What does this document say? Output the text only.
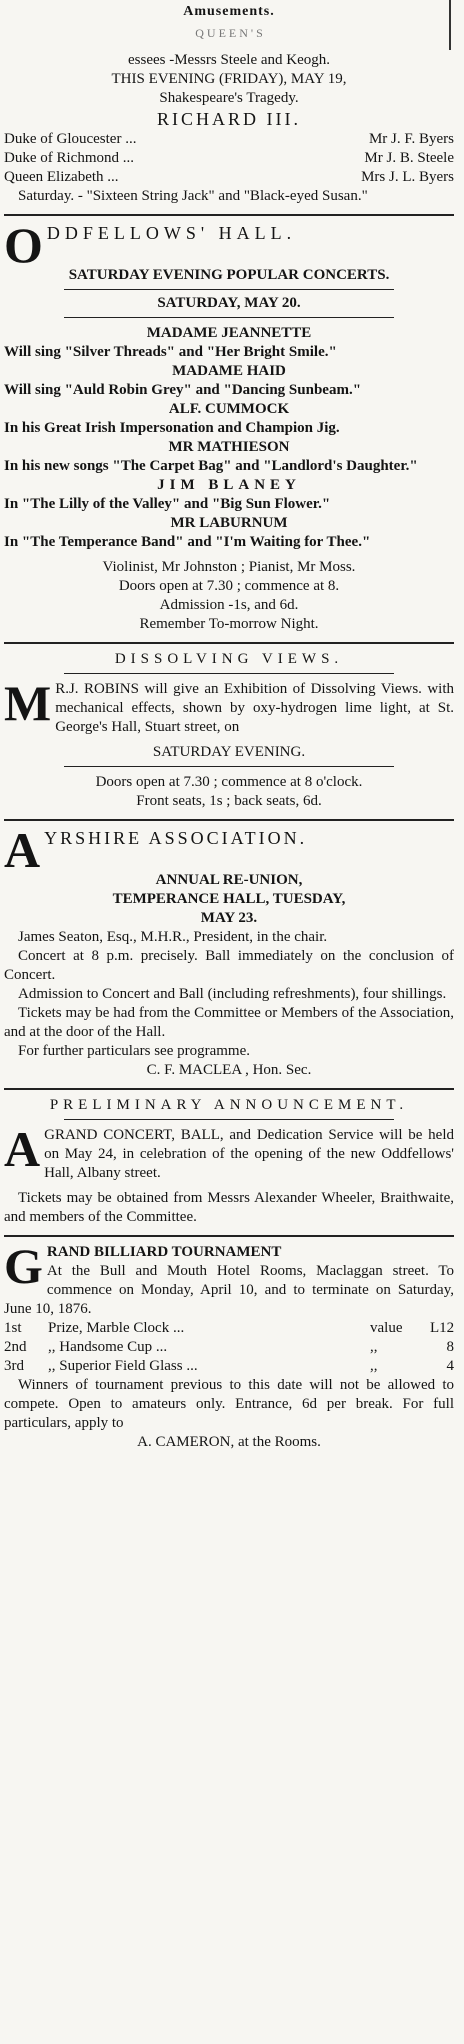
Amusements.
Q U E E N ' S

essees -Messrs Steele and Keogh.

THIS EVENING (FRIDAY), MAY 19,

Shakespeare's Tragedy.

RICHARD III.

Duke of Gloucester ...	Mr J. F. Byers
Duke of Richmond ...	Mr J. B. Steele
Queen Elizabeth ...	Mrs J. L. Byers

Saturday. - "Sixteen String Jack" and "Black-eyed Susan."

O DDFELLOWS' HALL.

SATURDAY EVENING POPULAR CONCERTS.

SATURDAY, MAY 20.

MADAME JEANNETTE

Will sing "Silver Threads" and "Her Bright Smile."

MADAME HAID

Will sing "Auld Robin Grey" and "Dancing Sunbeam."

ALF. CUMMOCK

In his Great Irish Impersonation and Champion Jig.

MR MATHIESON

In his new songs "The Carpet Bag" and "Landlord's Daughter."

JIM BLANEY

In "The Lilly of the Valley" and "Big Sun Flower."

MR LABURNUM

In "The Temperance Band" and "I'm Waiting for Thee."

Violinist, Mr Johnston ; Pianist, Mr Moss.

Doors open at 7.30 ; commence at 8.

Admission -1s, and 6d.

Remember To-morrow Night.

DISSOLVING VIEWS.

M R.J. ROBINS will give an Exhibition of Dissolving Views. with mechanical effects, shown by oxy-hydrogen lime light, at St. George's Hall, Stuart street, on

SATURDAY EVENING.

Doors open at 7.30 ; commence at 8 o'clock.

Front seats, 1s ; back seats, 6d.

A YRSHIRE ASSOCIATION.

ANNUAL RE-UNION,

TEMPERANCE HALL, TUESDAY,

MAY 23.

James Seaton, Esq., M.H.R., President, in the chair.

Concert at 8 p.m. precisely. Ball immediately on the conclusion of Concert.

Admission to Concert and Ball (including refreshments), four shillings.

Tickets may be had from the Committee or Members of the Association, and at the door of the Hall.

For further particulars see programme.

C. F. MACLEA , Hon. Sec.

PRELIMINARY ANNOUNCEMENT.

A GRAND CONCERT, BALL, and Dedication Service will be held on May 24, in celebration of the opening of the new Oddfellows' Hall, Albany street.

Tickets may be obtained from Messrs Alexander Wheeler, Braithwaite, and members of the Committee.

G RAND BILLIARD TOURNAMENT

At the Bull and Mouth Hotel Rooms, Maclaggan street. To commence on Monday, April 10, and to terminate on Saturday, June 10, 1876.

1st	Prize, Marble Clock ...	value	L12
2nd	,, Handsome Cup ...	,,	8
3rd	,, Superior Field Glass ...	,,	4

Winners of tournament previous to this date will not be allowed to compete. Open to amateurs only. Entrance, 6d per break. For full particulars, apply to

A. CAMERON, at the Rooms.
